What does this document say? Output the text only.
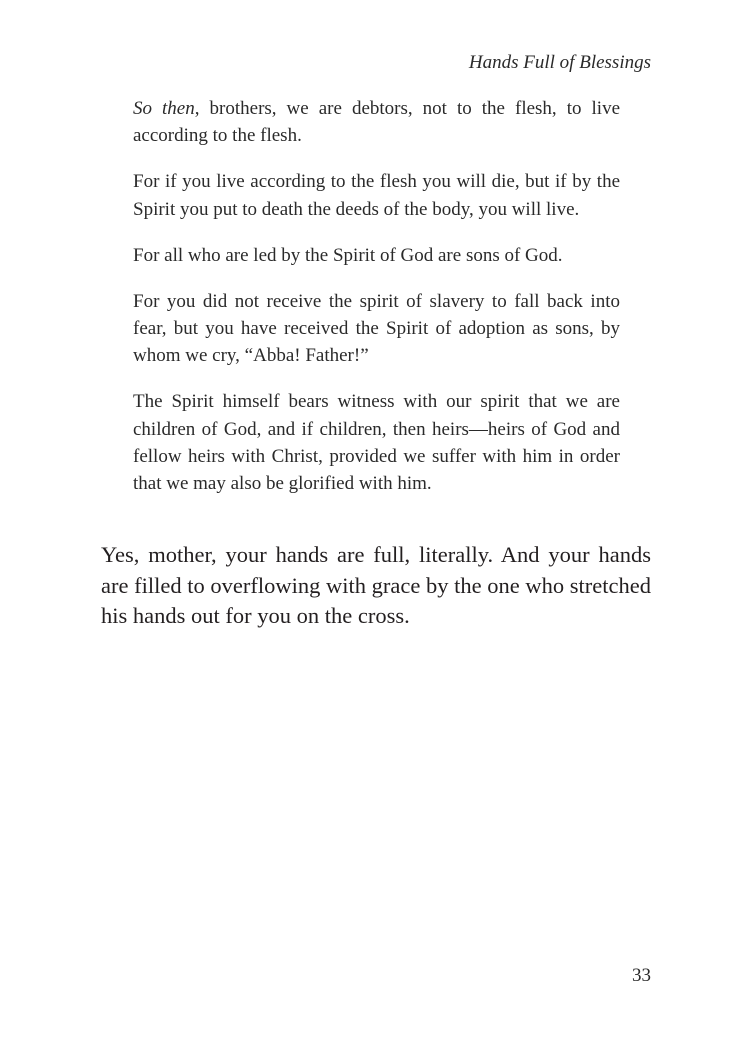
Hands Full of Blessings

So then, brothers, we are debtors, not to the flesh, to live according to the flesh.

For if you live according to the flesh you will die, but if by the Spirit you put to death the deeds of the body, you will live.

For all who are led by the Spirit of God are sons of God.

For you did not receive the spirit of slavery to fall back into fear, but you have received the Spirit of adoption as sons, by whom we cry, “Abba! Father!”

The Spirit himself bears witness with our spirit that we are children of God, and if children, then heirs—heirs of God and fellow heirs with Christ, provided we suffer with him in order that we may also be glorified with him.

Yes, mother, your hands are full, literally. And your hands are filled to overflowing with grace by the one who stretched his hands out for you on the cross.

33
